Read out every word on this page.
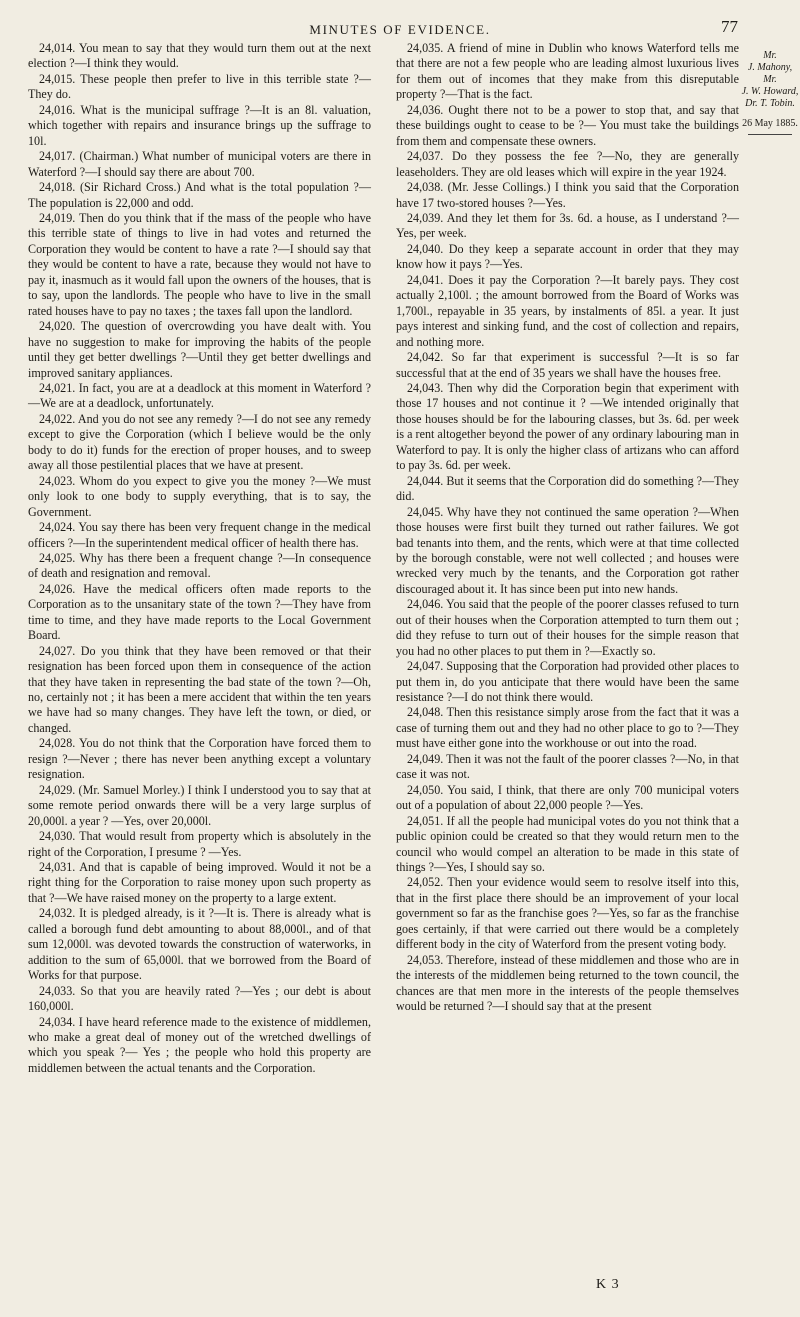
MINUTES OF EVIDENCE.	77

24,014. You mean to say that they would turn them out at the next election ?—I think they would.

24,015. These people then prefer to live in this terrible state ?—They do.

24,016. What is the municipal suffrage ?—It is an 8l. valuation, which together with repairs and insurance brings up the suffrage to 10l.

24,017. (Chairman.) What number of municipal voters are there in Waterford ?—I should say there are about 700.

24,018. (Sir Richard Cross.) And what is the total population ?—The population is 22,000 and odd.

24,019. Then do you think that if the mass of the people who have this terrible state of things to live in had votes and returned the Corporation they would be content to have a rate ?—I should say that they would be content to have a rate, because they would not have to pay it, inasmuch as it would fall upon the owners of the houses, that is to say, upon the landlords. The people who have to live in the small rated houses have to pay no taxes ; the taxes fall upon the landlord.

24,020. The question of overcrowding you have dealt with. You have no suggestion to make for improving the habits of the people until they get better dwellings ?—Until they get better dwellings and improved sanitary appliances.

24,021. In fact, you are at a deadlock at this moment in Waterford ?—We are at a deadlock, unfortunately.

24,022. And you do not see any remedy ?—I do not see any remedy except to give the Corporation (which I believe would be the only body to do it) funds for the erection of proper houses, and to sweep away all those pestilential places that we have at present.

24,023. Whom do you expect to give you the money ?—We must only look to one body to supply everything, that is to say, the Government.

24,024. You say there has been very frequent change in the medical officers ?—In the superintendent medical officer of health there has.

24,025. Why has there been a frequent change ?—In consequence of death and resignation and removal.

24,026. Have the medical officers often made reports to the Corporation as to the unsanitary state of the town ?—They have from time to time, and they have made reports to the Local Government Board.

24,027. Do you think that they have been removed or that their resignation has been forced upon them in consequence of the action that they have taken in representing the bad state of the town ?—Oh, no, certainly not ; it has been a mere accident that within the ten years we have had so many changes. They have left the town, or died, or changed.

24,028. You do not think that the Corporation have forced them to resign ?—Never ; there has never been anything except a voluntary resignation.

24,029. (Mr. Samuel Morley.) I think I understood you to say that at some remote period onwards there will be a very large surplus of 20,000l. a year ? —Yes, over 20,000l.

24,030. That would result from property which is absolutely in the right of the Corporation, I presume ? —Yes.

24,031. And that is capable of being improved. Would it not be a right thing for the Corporation to raise money upon such property as that ?—We have raised money on the property to a large extent.

24,032. It is pledged already, is it ?—It is. There is already what is called a borough fund debt amounting to about 88,000l., and of that sum 12,000l. was devoted towards the construction of waterworks, in addition to the sum of 65,000l. that we borrowed from the Board of Works for that purpose.

24,033. So that you are heavily rated ?—Yes ; our debt is about 160,000l.

24,034. I have heard reference made to the existence of middlemen, who make a great deal of money out of the wretched dwellings of which you speak ?— Yes ; the people who hold this property are middlemen between the actual tenants and the Corporation.

24,035. A friend of mine in Dublin who knows Waterford tells me that there are not a few people who are leading almost luxurious lives for them out of incomes that they make from this disreputable property ?—That is the fact.

24,036. Ought there not to be a power to stop that, and say that these buildings ought to cease to be ?— You must take the buildings from them and compensate these owners.

24,037. Do they possess the fee ?—No, they are generally leaseholders. They are old leases which will expire in the year 1924.

24,038. (Mr. Jesse Collings.) I think you said that the Corporation have 17 two-stored houses ?—Yes.

24,039. And they let them for 3s. 6d. a house, as I understand ?—Yes, per week.

24,040. Do they keep a separate account in order that they may know how it pays ?—Yes.

24,041. Does it pay the Corporation ?—It barely pays. They cost actually 2,100l. ; the amount borrowed from the Board of Works was 1,700l., repayable in 35 years, by instalments of 85l. a year. It just pays interest and sinking fund, and the cost of collection and repairs, and nothing more.

24,042. So far that experiment is successful ?—It is so far successful that at the end of 35 years we shall have the houses free.

24,043. Then why did the Corporation begin that experiment with those 17 houses and not continue it ? —We intended originally that those houses should be for the labouring classes, but 3s. 6d. per week is a rent altogether beyond the power of any ordinary labouring man in Waterford to pay. It is only the higher class of artizans who can afford to pay 3s. 6d. per week.

24,044. But it seems that the Corporation did do something ?—They did.

24,045. Why have they not continued the same operation ?—When those houses were first built they turned out rather failures. We got bad tenants into them, and the rents, which were at that time collected by the borough constable, were not well collected ; and houses were wrecked very much by the tenants, and the Corporation got rather discouraged about it. It has since been put into new hands.

24,046. You said that the people of the poorer classes refused to turn out of their houses when the Corporation attempted to turn them out ; did they refuse to turn out of their houses for the simple reason that you had no other places to put them in ?—Exactly so.

24,047. Supposing that the Corporation had provided other places to put them in, do you anticipate that there would have been the same resistance ?—I do not think there would.

24,048. Then this resistance simply arose from the fact that it was a case of turning them out and they had no other place to go to ?—They must have either gone into the workhouse or out into the road.

24,049. Then it was not the fault of the poorer classes ?—No, in that case it was not.

24,050. You said, I think, that there are only 700 municipal voters out of a population of about 22,000 people ?—Yes.

24,051. If all the people had municipal votes do you not think that a public opinion could be created so that they would return men to the council who would compel an alteration to be made in this state of things ?—Yes, I should say so.

24,052. Then your evidence would seem to resolve itself into this, that in the first place there should be an improvement of your local government so far as the franchise goes ?—Yes, so far as the franchise goes certainly, if that were carried out there would be a completely different body in the city of Waterford from the present voting body.

24,053. Therefore, instead of these middlemen and those who are in the interests of the middlemen being returned to the town council, the chances are that men more in the interests of the people themselves would be returned ?—I should say that at the present

Mr.
J. Mahony,
Mr.
J. W. Howard,
Dr. T. Tobin.
26 May 1885.
K 3
